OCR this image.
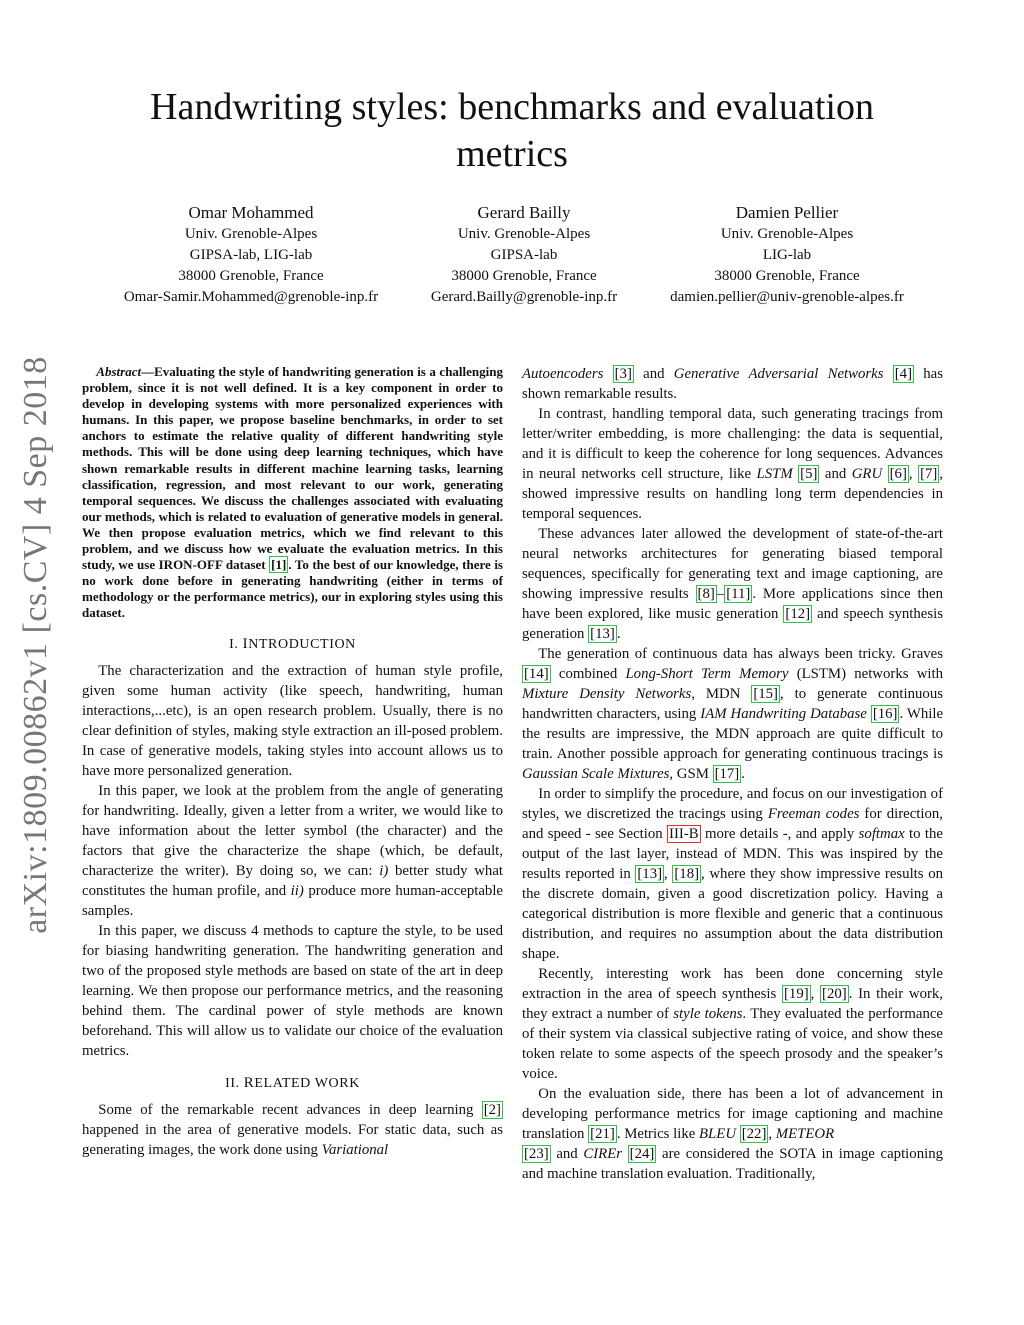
Handwriting styles: benchmarks and evaluation metrics
Omar Mohammed
Univ. Grenoble-Alpes
GIPSA-lab, LIG-lab
38000 Grenoble, France
Omar-Samir.Mohammed@grenoble-inp.fr
Gerard Bailly
Univ. Grenoble-Alpes
GIPSA-lab
38000 Grenoble, France
Gerard.Bailly@grenoble-inp.fr
Damien Pellier
Univ. Grenoble-Alpes
LIG-lab
38000 Grenoble, France
damien.pellier@univ-grenoble-alpes.fr
arXiv:1809.00862v1 [cs.CV] 4 Sep 2018	Abstract—Evaluating the style of handwriting generation is a challenging problem, since it is not well defined. It is a key component in order to develop in developing systems with more personalized experiences with humans. In this paper, we propose baseline benchmarks, in order to set anchors to estimate the relative quality of different handwriting style methods. This will be done using deep learning techniques, which have shown remarkable results in different machine learning tasks, learning classification, regression, and most relevant to our work, generating temporal sequences. We discuss the challenges associated with evaluating our methods, which is related to evaluation of generative models in general. We then propose evaluation metrics, which we find relevant to this problem, and we discuss how we evaluate the evaluation metrics. In this study, we use IRON-OFF dataset [1] . To the best of our knowledge, there is no work done before in generating handwriting (either in terms of methodology or the performance metrics), our in exploring styles using this dataset.

I. INTRODUCTION

The characterization and the extraction of human style profile, given some human activity (like speech, handwriting, human interactions,...etc), is an open research problem. Usually, there is no clear definition of styles, making style extraction an ill-posed problem. In case of generative models, taking styles into account allows us to have more personalized generation.

In this paper, we look at the problem from the angle of generating for handwriting. Ideally, given a letter from a writer, we would like to have information about the letter symbol (the character) and the factors that give the characterize the shape (which, be default, characterize the writer). By doing so, we can: i) better study what constitutes the human profile, and ii) produce more human-acceptable samples.

In this paper, we discuss 4 methods to capture the style, to be used for biasing handwriting generation. The handwriting generation and two of the proposed style methods are based on state of the art in deep learning. We then propose our performance metrics, and the reasoning behind them. The cardinal power of style methods are known beforehand. This will allow us to validate our choice of the evaluation metrics.

II. RELATED WORK

Some of the remarkable recent advances in deep learning [2] happened in the area of generative models. For static data, such as generating images, the work done using Variational

Autoencoders [3] and Generative Adversarial Networks [4] has shown remarkable results.

In contrast, handling temporal data, such generating tracings from letter/writer embedding, is more challenging: the data is sequential, and it is difficult to keep the coherence for long sequences. Advances in neural networks cell structure, like LSTM [5] and GRU [6] , [7] , showed impressive results on handling long term dependencies in temporal sequences.

These advances later allowed the development of state-of-the-art neural networks architectures for generating biased temporal sequences, specifically for generating text and image captioning, are showing impressive results [8] – [11] . More applications since then have been explored, like music generation [12] and speech synthesis generation [13] .

The generation of continuous data has always been tricky. Graves [14] combined Long-Short Term Memory (LSTM) networks with Mixture Density Networks, MDN [15] , to generate continuous handwritten characters, using IAM Handwriting Database [16] . While the results are impressive, the MDN approach are quite difficult to train. Another possible approach for generating continuous tracings is Gaussian Scale Mixtures, GSM [17] .

In order to simplify the procedure, and focus on our investigation of styles, we discretized the tracings using Freeman codes for direction, and speed - see Section III-B more details -, and apply softmax to the output of the last layer, instead of MDN. This was inspired by the results reported in [13] , [18] , where they show impressive results on the discrete domain, given a good discretization policy. Having a categorical distribution is more flexible and generic that a continuous distribution, and requires no assumption about the data distribution shape.

Recently, interesting work has been done concerning style extraction in the area of speech synthesis [19] , [20] . In their work, they extract a number of style tokens. They evaluated the performance of their system via classical subjective rating of voice, and show these token relate to some aspects of the speech prosody and the speaker’s voice.

On the evaluation side, there has been a lot of advancement in developing performance metrics for image captioning and machine translation [21] . Metrics like BLEU [22] , METEOR
[23] and CIREr [24] are considered the SOTA in image captioning and machine translation evaluation. Traditionally,
